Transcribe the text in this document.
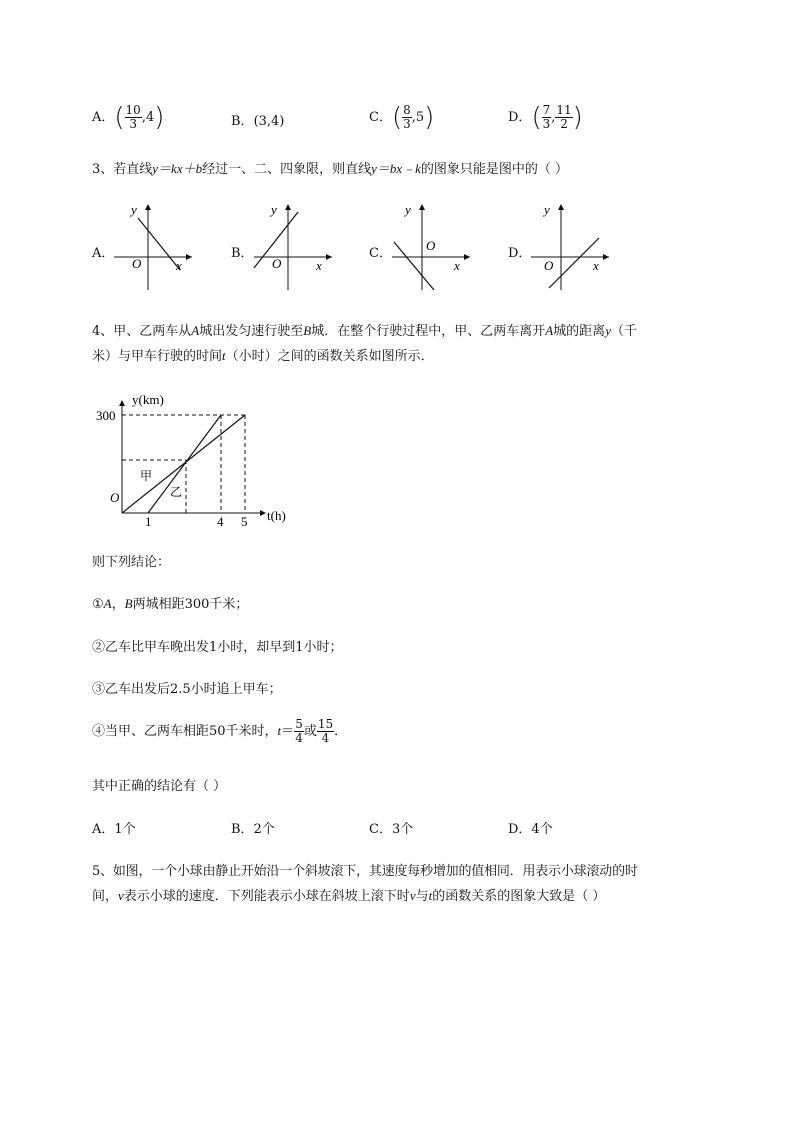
A．( $\frac{10}{3} ,4$)	B．(3,4)	C．( $\frac{8}{3} ,5$)	D．( $\frac{7}{3}$ , $\frac{11}{2}$ )
3、若直线y＝kx＋b经过一、二、四象限，则直线y＝bx﹣k的图象只能是图中的（ ）
A．	B．	C．	D．
y
x
O
y
x
O
y
x
O
y
x
O
4、甲、乙两车从A城出发匀速行驶至B城．在整个行驶过程中，甲、乙两车离开A城的距离y（千
米）与甲车行驶的时间t（小时）之间的函数关系如图所示．
y(km)
t(h)
300
O
1	4 5
甲
乙
则下列结论：
①A，B两城相距300千米；
②乙车比甲车晚出发1小时，却早到1小时；
③乙车出发后2.5小时追上甲车；
④当甲、乙两车相距50千米时，$t= \frac{5}{4}$ 或 $\frac{15}{4}$ ．
其中正确的结论有（ ）
A．1个	B．2个	C．3个	D．4个
5、如图，一个小球由静止开始沿一个斜坡滚下，其速度每秒增加的值相同．用表示小球滚动的时
间，v表示小球的速度．下列能表示小球在斜坡上滚下时v与t的函数关系的图象大致是（ ）
